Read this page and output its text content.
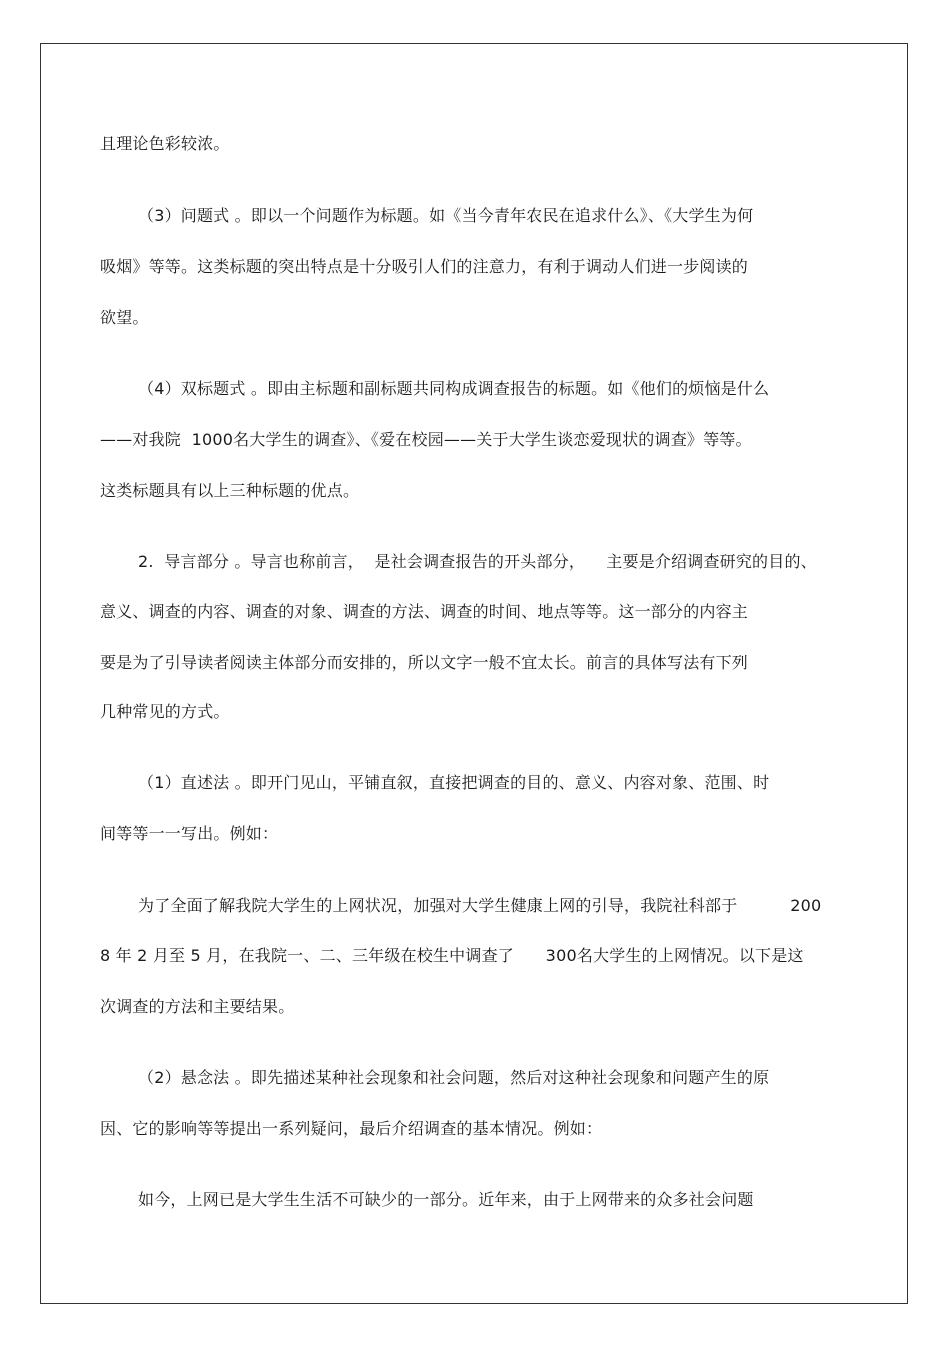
且理论色彩较浓。
（3）问题式 。即以一个问题作为标题。如《当今青年农民在追求什么》、《大学生为何
吸烟》等等。这类标题的突出特点是十分吸引人们的注意力，有利于调动人们进一步阅读的
欲望。
（4）双标题式 。即由主标题和副标题共同构成调查报告的标题。如《他们的烦恼是什么
——对我院  1000名大学生的调查》、《爱在校园——关于大学生谈恋爱现状的调查》等等。
这类标题具有以上三种标题的优点。
2.  导言部分 。导言也称前言，  是社会调查报告的开头部分，    主要是介绍调查研究的目的、
意义、调查的内容、调查的对象、调查的方法、调查的时间、地点等等。这一部分的内容主
要是为了引导读者阅读主体部分而安排的，所以文字一般不宜太长。前言的具体写法有下列
几种常见的方式。
（1）直述法 。即开门见山，平铺直叙，直接把调查的目的、意义、内容对象、范围、时
间等等一一写出。例如：
为了全面了解我院大学生的上网状况，加强对大学生健康上网的引导，我院社科部于          200
8 年 2 月至 5 月，在我院一、二、三年级在校生中调查了      300名大学生的上网情况。以下是这
次调查的方法和主要结果。
（2）悬念法 。即先描述某种社会现象和社会问题，然后对这种社会现象和问题产生的原
因、它的影响等等提出一系列疑问，最后介绍调查的基本情况。例如：
如今，上网已是大学生生活不可缺少的一部分。近年来，由于上网带来的众多社会问题
